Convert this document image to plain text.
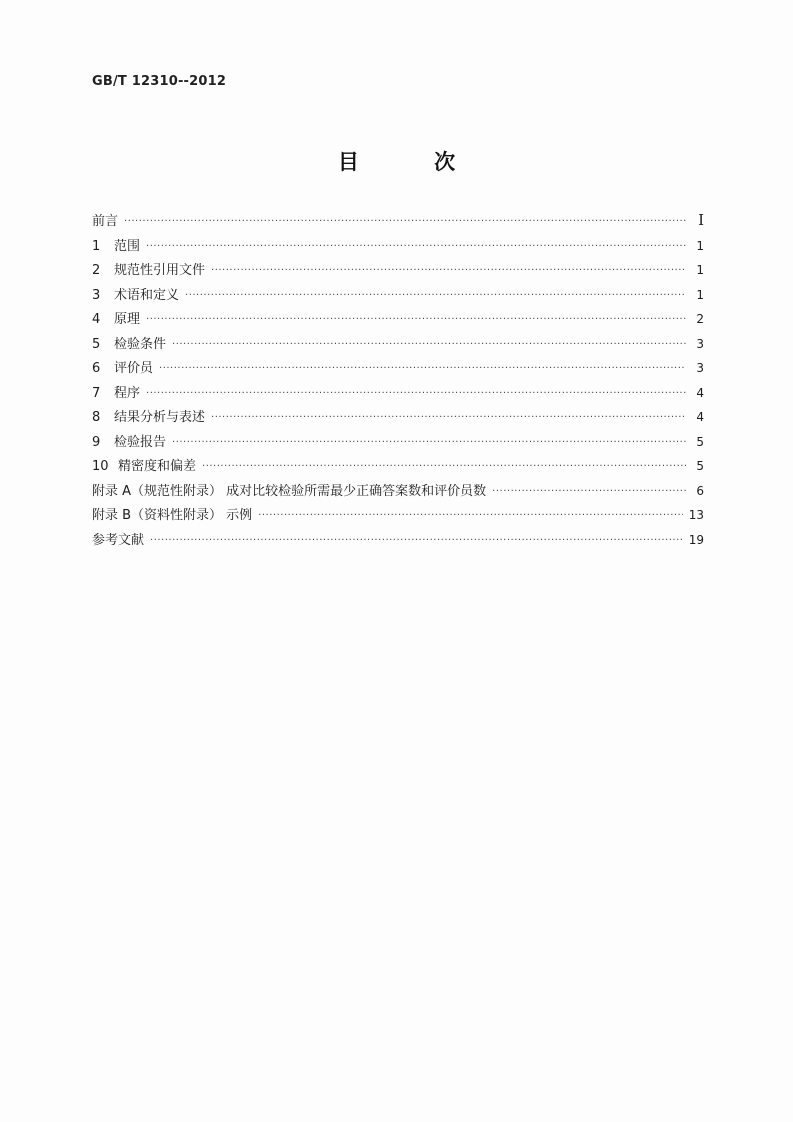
GB/T 12310--2012
目 次
前言 ·····	I
1	范围 ·····	1
2	规范性引用文件 ·····	1
3	术语和定义 ·····	1
4	原理 ·····	2
5	检验条件 ·····	3
6	评价员 ·····	3
7	程序 ·····	4
8	结果分析与表述 ·····	4
9	检验报告 ·····	5
10 精密度和偏差 ·····	5
附录 A（规范性附录） 成对比较检验所需最少正确答案数和评价员数 ·····	6
附录 B（资料性附录） 示例 ·····	13
参考文献 ·····	19
